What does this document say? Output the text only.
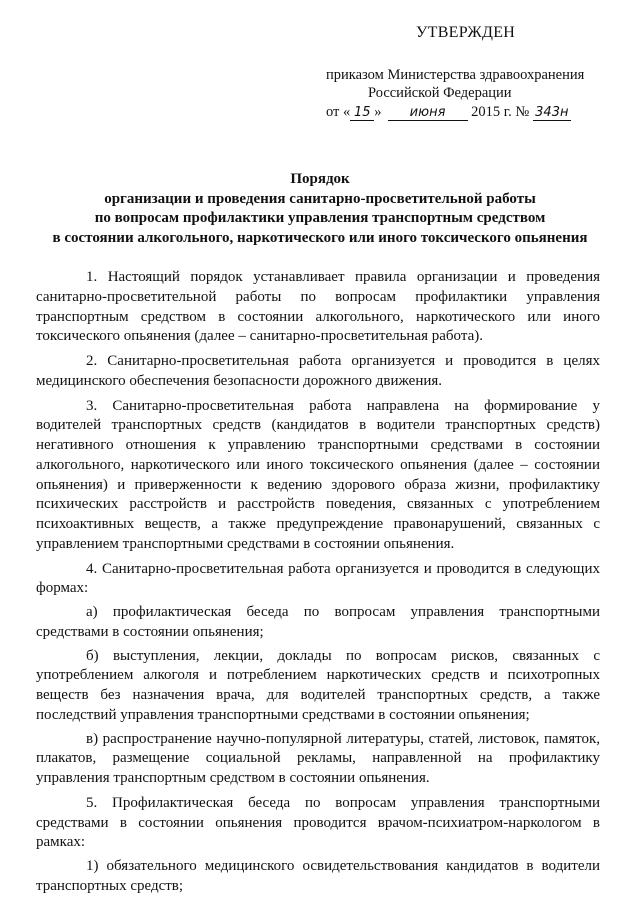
УТВЕРЖДЕН
приказом Министерства здравоохранения
Российской Федерации
от « 15 » июня 2015 г. № 343н
Порядок
организации и проведения санитарно-просветительной работы
по вопросам профилактики управления транспортным средством
в состоянии алкогольного, наркотического или иного токсического опьянения

1. Настоящий порядок устанавливает правила организации и проведения санитарно-просветительной работы по вопросам профилактики управления транспортным средством в состоянии алкогольного, наркотического или иного токсического опьянения (далее – санитарно-просветительная работа).

2. Санитарно-просветительная работа организуется и проводится в целях медицинского обеспечения безопасности дорожного движения.

3. Санитарно-просветительная работа направлена на формирование у водителей транспортных средств (кандидатов в водители транспортных средств) негативного отношения к управлению транспортными средствами в состоянии алкогольного, наркотического или иного токсического опьянения (далее – состоянии опьянения) и приверженности к ведению здорового образа жизни, профилактику психических расстройств и расстройств поведения, связанных с употреблением психоактивных веществ, а также предупреждение правонарушений, связанных с управлением транспортными средствами в состоянии опьянения.

4. Санитарно-просветительная работа организуется и проводится в следующих формах:

а) профилактическая беседа по вопросам управления транспортными средствами в состоянии опьянения;

б) выступления, лекции, доклады по вопросам рисков, связанных с употреблением алкоголя и потреблением наркотических средств и психотропных веществ без назначения врача, для водителей транспортных средств, а также последствий управления транспортными средствами в состоянии опьянения;

в) распространение научно-популярной литературы, статей, листовок, памяток, плакатов, размещение социальной рекламы, направленной на профилактику управления транспортным средством в состоянии опьянения.

5. Профилактическая беседа по вопросам управления транспортными средствами в состоянии опьянения проводится врачом-психиатром-наркологом в рамках:

1) обязательного медицинского освидетельствования кандидатов в водители транспортных средств;
